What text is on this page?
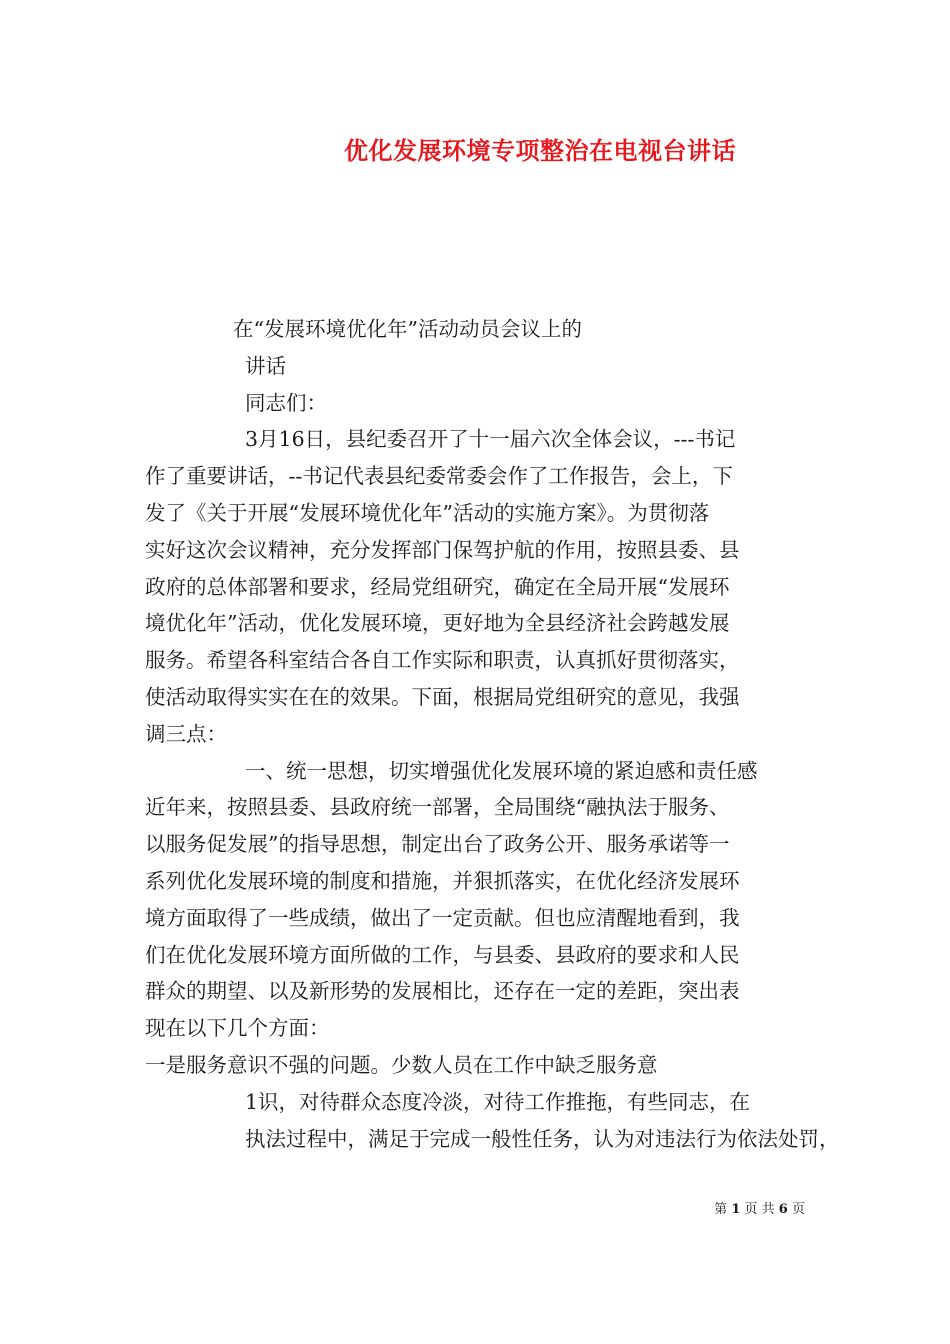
优化发展环境专项整治在电视台讲话
在“发展环境优化年”活动动员会议上的
讲话
同志们：
3月16日，县纪委召开了十一届六次全体会议，---书记
作了重要讲话，--书记代表县纪委常委会作了工作报告，会上，下
发了《关于开展“发展环境优化年”活动的实施方案》。为贯彻落
实好这次会议精神，充分发挥部门保驾护航的作用，按照县委、县
政府的总体部署和要求，经局党组研究，确定在全局开展“发展环
境优化年”活动，优化发展环境，更好地为全县经济社会跨越发展
服务。希望各科室结合各自工作实际和职责，认真抓好贯彻落实，
使活动取得实实在在的效果。下面，根据局党组研究的意见，我强
调三点：
一、统一思想，切实增强优化发展环境的紧迫感和责任感
近年来，按照县委、县政府统一部署，全局围绕“融执法于服务、
以服务促发展”的指导思想，制定出台了政务公开、服务承诺等一
系列优化发展环境的制度和措施，并狠抓落实，在优化经济发展环
境方面取得了一些成绩，做出了一定贡献。但也应清醒地看到，我
们在优化发展环境方面所做的工作，与县委、县政府的要求和人民
群众的期望、以及新形势的发展相比，还存在一定的差距，突出表
现在以下几个方面：
一是服务意识不强的问题。少数人员在工作中缺乏服务意
1识，对待群众态度冷淡，对待工作推拖，有些同志，在
执法过程中，满足于完成一般性任务，认为对违法行为依法处罚，
第 1 页 共 6 页
